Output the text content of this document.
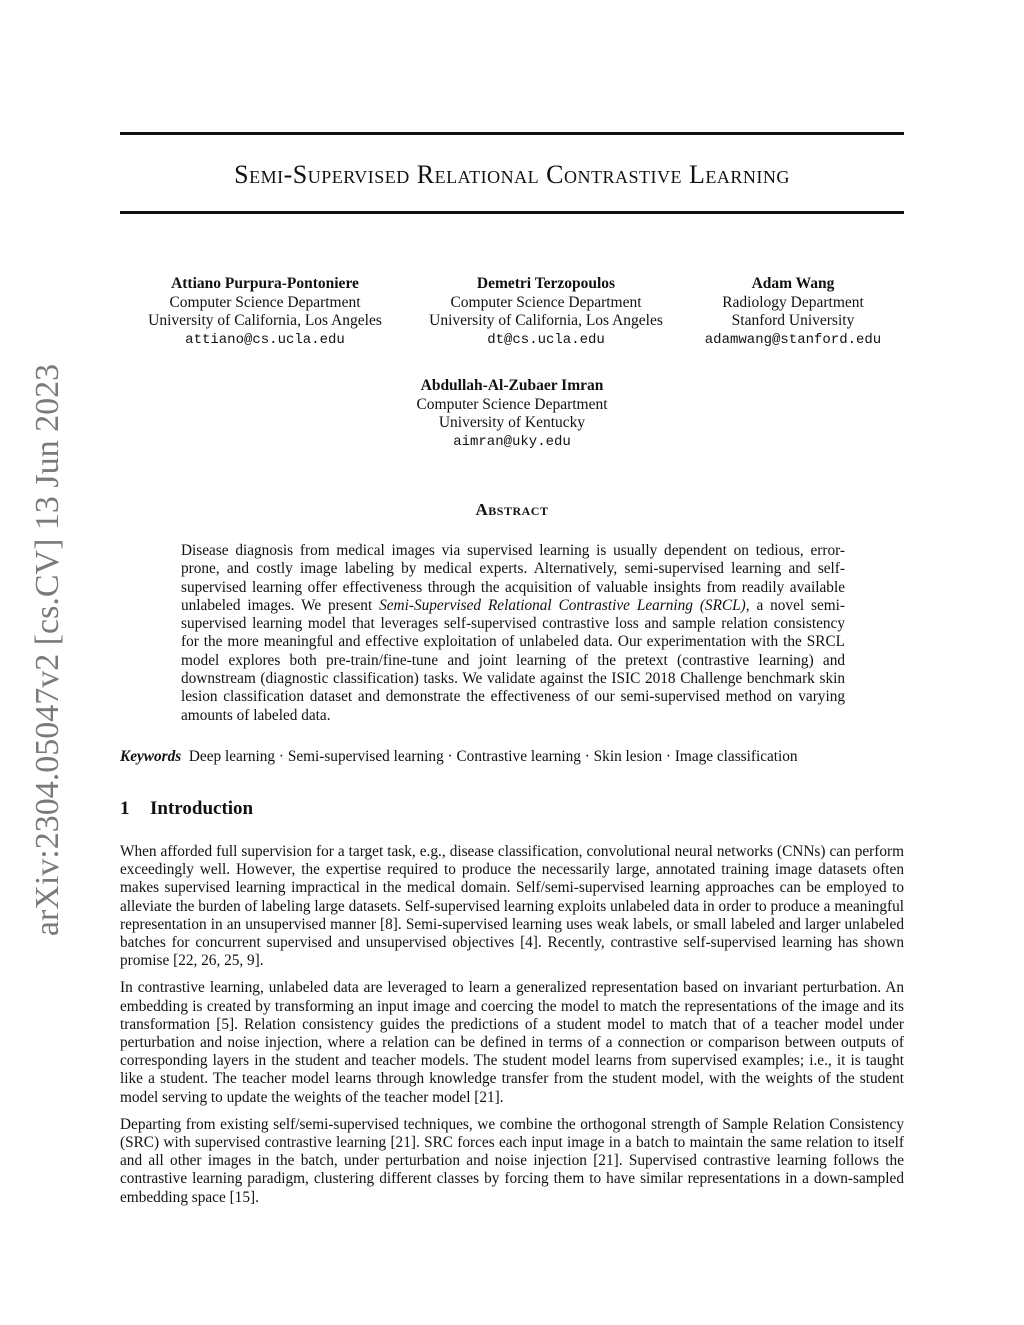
arXiv:2304.05047v2 [cs.CV] 13 Jun 2023
Semi-Supervised Relational Contrastive Learning
Attiano Purpura-Pontoniere
Computer Science Department
University of California, Los Angeles
attiano@cs.ucla.edu
Demetri Terzopoulos
Computer Science Department
University of California, Los Angeles
dt@cs.ucla.edu
Adam Wang
Radiology Department
Stanford University
adamwang@stanford.edu
Abdullah-Al-Zubaer Imran
Computer Science Department
University of Kentucky
aimran@uky.edu
Abstract
Disease diagnosis from medical images via supervised learning is usually dependent on tedious, error-prone, and costly image labeling by medical experts. Alternatively, semi-supervised learning and self-supervised learning offer effectiveness through the acquisition of valuable insights from readily available unlabeled images. We present Semi-Supervised Relational Contrastive Learning (SRCL), a novel semi-supervised learning model that leverages self-supervised contrastive loss and sample relation consistency for the more meaningful and effective exploitation of unlabeled data. Our experimentation with the SRCL model explores both pre-train/fine-tune and joint learning of the pretext (contrastive learning) and downstream (diagnostic classification) tasks. We validate against the ISIC 2018 Challenge benchmark skin lesion classification dataset and demonstrate the effectiveness of our semi-supervised method on varying amounts of labeled data.
Keywords Deep learning · Semi-supervised learning · Contrastive learning · Skin lesion · Image classification
1 Introduction

When afforded full supervision for a target task, e.g., disease classification, convolutional neural networks (CNNs) can perform exceedingly well. However, the expertise required to produce the necessarily large, annotated training image datasets often makes supervised learning impractical in the medical domain. Self/semi-supervised learning approaches can be employed to alleviate the burden of labeling large datasets. Self-supervised learning exploits unlabeled data in order to produce a meaningful representation in an unsupervised manner [8]. Semi-supervised learning uses weak labels, or small labeled and larger unlabeled batches for concurrent supervised and unsupervised objectives [4]. Recently, contrastive self-supervised learning has shown promise [22, 26, 25, 9].

In contrastive learning, unlabeled data are leveraged to learn a generalized representation based on invariant perturbation. An embedding is created by transforming an input image and coercing the model to match the representations of the image and its transformation [5]. Relation consistency guides the predictions of a student model to match that of a teacher model under perturbation and noise injection, where a relation can be defined in terms of a connection or comparison between outputs of corresponding layers in the student and teacher models. The student model learns from supervised examples; i.e., it is taught like a student. The teacher model learns through knowledge transfer from the student model, with the weights of the student model serving to update the weights of the teacher model [21].

Departing from existing self/semi-supervised techniques, we combine the orthogonal strength of Sample Relation Consistency (SRC) with supervised contrastive learning [21]. SRC forces each input image in a batch to maintain the same relation to itself and all other images in the batch, under perturbation and noise injection [21]. Supervised contrastive learning follows the contrastive learning paradigm, clustering different classes by forcing them to have similar representations in a down-sampled embedding space [15].
